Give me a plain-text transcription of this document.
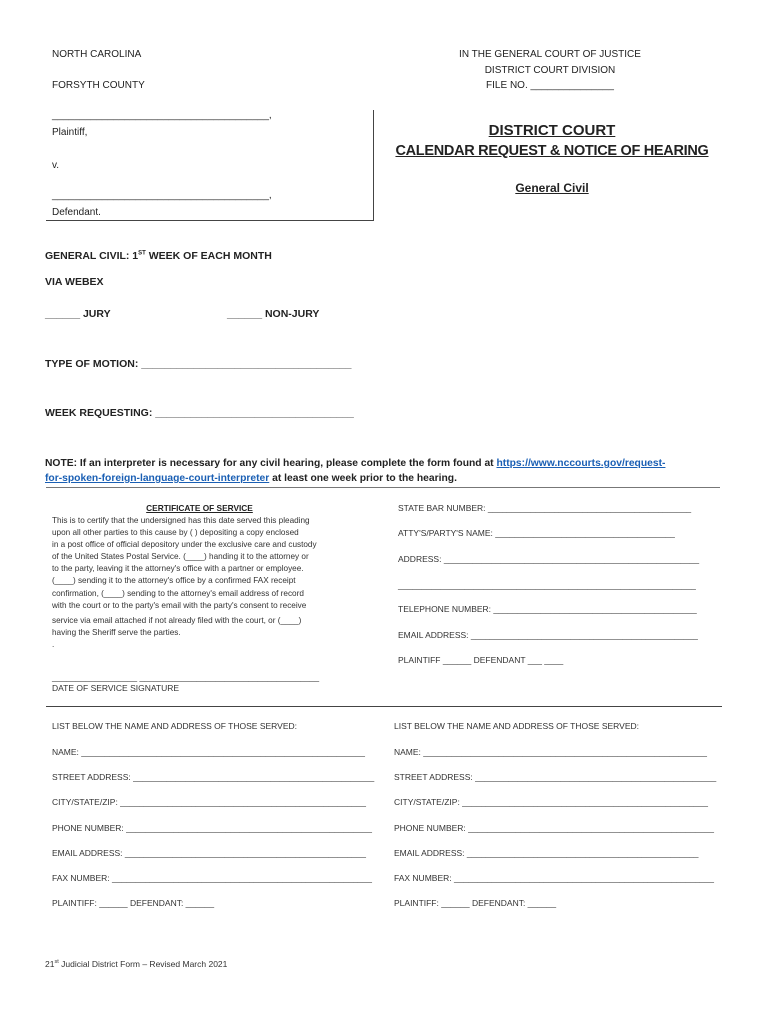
NORTH CAROLINA
FORSYTH COUNTY
IN THE GENERAL COURT OF JUSTICE
DISTRICT COURT DIVISION
FILE NO. _______________
_______________________________________,
Plaintiff,
v.
_______________________________________,
Defendant.
DISTRICT COURT
CALENDAR REQUEST & NOTICE OF HEARING
General Civil
GENERAL CIVIL: 1ST WEEK OF EACH MONTH
VIA WEBEX
______ JURY	______ NON-JURY
TYPE OF MOTION: ____________________________________
WEEK REQUESTING: __________________________________
NOTE: If an interpreter is necessary for any civil hearing, please complete the form found at https://www.nccourts.gov/request-
for-spoken-foreign-language-court-interpreter at least one week prior to the hearing.
CERTIFICATE OF SERVICE
This is to certify that the undersigned has this date served this pleading
upon all other parties to this cause by ( ) depositing a copy enclosed
in a post office of official depository under the exclusive care and custody
of the United States Postal Service. (____) handing it to the attorney or
to the party, leaving it the attorney's office with a partner or employee.
(____) sending it to the attorney's office by a confirmed FAX receipt
confirmation, (____) sending to the attorney's email address of record
with the court or to the party's email with the party's consent to receive
service via email attached if not already filed with the court, or (____)
having the Sheriff serve the parties.
.
__________________ ______________________________________
DATE OF SERVICE SIGNATURE
STATE BAR NUMBER: ___________________________________________
ATTY'S/PARTY'S NAME: ______________________________________
ADDRESS: ______________________________________________________
_______________________________________________________________
TELEPHONE NUMBER: ___________________________________________
EMAIL ADDRESS: ________________________________________________
PLAINTIFF ______ DEFENDANT ___ ____
LIST BELOW THE NAME AND ADDRESS OF THOSE SERVED:
NAME: ____________________________________________________________
STREET ADDRESS: ___________________________________________________
CITY/STATE/ZIP: ____________________________________________________
PHONE NUMBER: ____________________________________________________
EMAIL ADDRESS: ___________________________________________________
FAX NUMBER: _______________________________________________________
PLAINTIFF: ______ DEFENDANT: ______
LIST BELOW THE NAME AND ADDRESS OF THOSE SERVED:
NAME: ____________________________________________________________
STREET ADDRESS: ___________________________________________________
CITY/STATE/ZIP: ____________________________________________________
PHONE NUMBER: ____________________________________________________
EMAIL ADDRESS: _________________________________________________
FAX NUMBER: _______________________________________________________
PLAINTIFF: ______ DEFENDANT: ______
21st Judicial District Form – Revised March 2021
